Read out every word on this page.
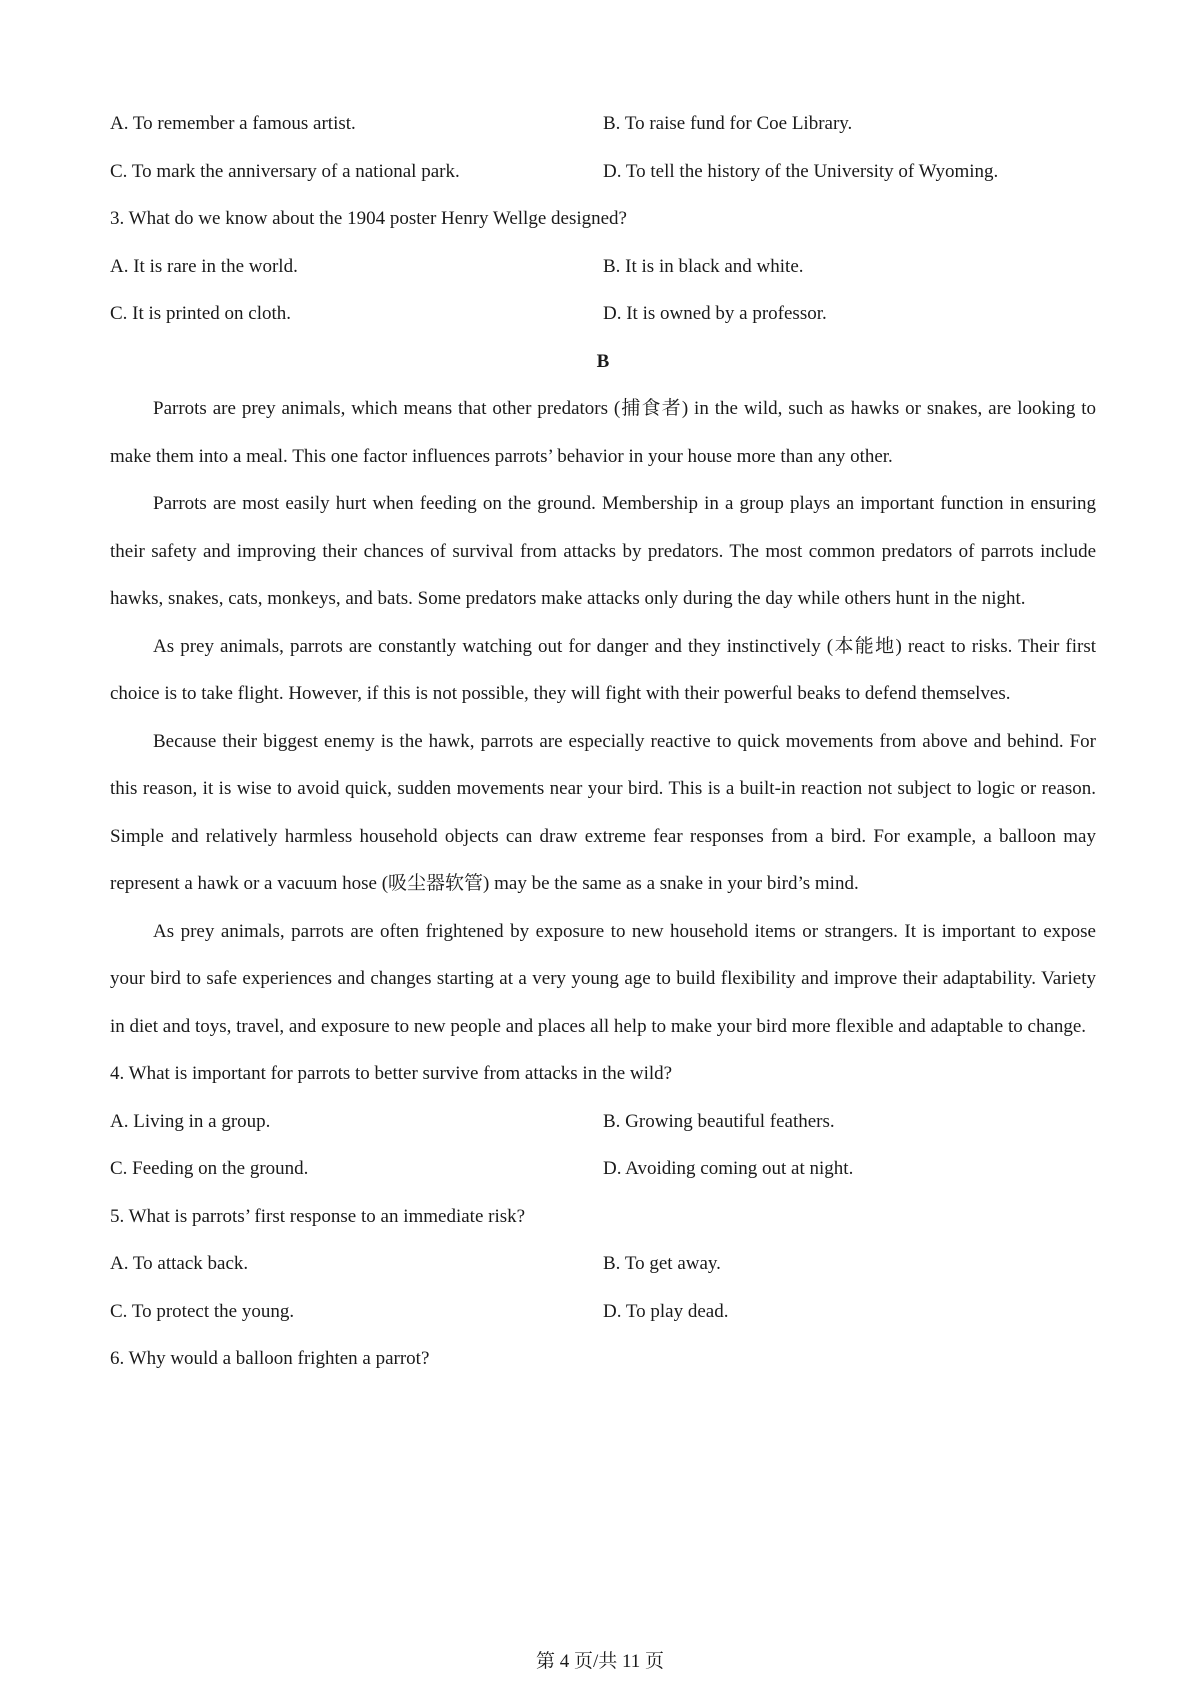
A. To remember a famous artist.	B. To raise fund for Coe Library.
C. To mark the anniversary of a national park.	D. To tell the history of the University of Wyoming.
3. What do we know about the 1904 poster Henry Wellge designed?
A. It is rare in the world.	B. It is in black and white.
C. It is printed on cloth.	D. It is owned by a professor.
B

Parrots are prey animals, which means that other predators (捕食者) in the wild, such as hawks or snakes, are looking to make them into a meal. This one factor influences parrots’ behavior in your house more than any other.

Parrots are most easily hurt when feeding on the ground. Membership in a group plays an important function in ensuring their safety and improving their chances of survival from attacks by predators. The most common predators of parrots include hawks, snakes, cats, monkeys, and bats. Some predators make attacks only during the day while others hunt in the night.

As prey animals, parrots are constantly watching out for danger and they instinctively (本能地) react to risks. Their first choice is to take flight. However, if this is not possible, they will fight with their powerful beaks to defend themselves.

Because their biggest enemy is the hawk, parrots are especially reactive to quick movements from above and behind. For this reason, it is wise to avoid quick, sudden movements near your bird. This is a built-in reaction not subject to logic or reason. Simple and relatively harmless household objects can draw extreme fear responses from a bird. For example, a balloon may represent a hawk or a vacuum hose (吸尘器软管) may be the same as a snake in your bird’s mind.

As prey animals, parrots are often frightened by exposure to new household items or strangers. It is important to expose your bird to safe experiences and changes starting at a very young age to build flexibility and improve their adaptability. Variety in diet and toys, travel, and exposure to new people and places all help to make your bird more flexible and adaptable to change.

4. What is important for parrots to better survive from attacks in the wild?
A. Living in a group.	B. Growing beautiful feathers.
C. Feeding on the ground.	D. Avoiding coming out at night.
5. What is parrots’ first response to an immediate risk?
A. To attack back.	B. To get away.
C. To protect the young.	D. To play dead.
6. Why would a balloon frighten a parrot?
第 4 页/共 11 页
